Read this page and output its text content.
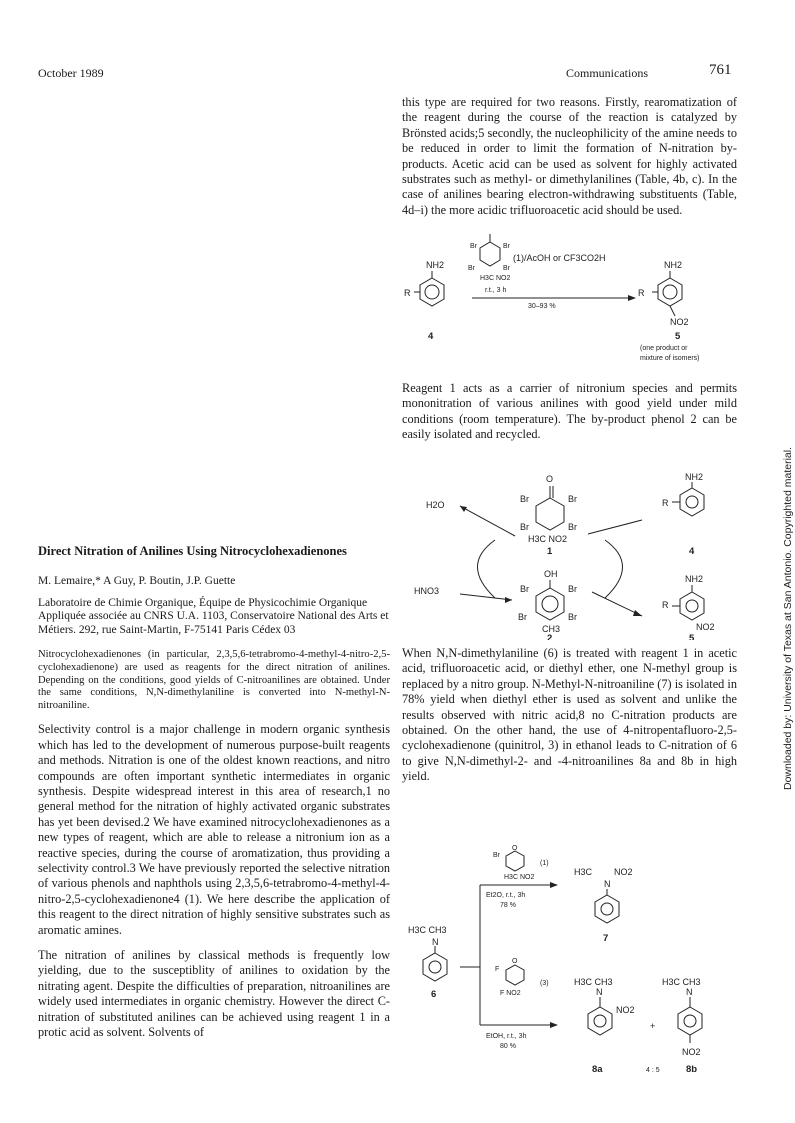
October 1989	Communications	761
Downloaded by: University of Texas at San Antonio. Copyrighted material.

this type are required for two reasons. Firstly, rearomatization of the reagent during the course of the reaction is catalyzed by Brönsted acids;5 secondly, the nucleophilicity of the amine needs to be reduced in order to limit the formation of N-nitration by-products. Acetic acid can be used as solvent for highly activated substrates such as methyl- or dimethylanilines (Table, 4b, c). In the case of anilines bearing electron-withdrawing substituents (Table, 4d–i) the more acidic trifluoroacetic acid should be used.

Br	Br
Br	Br
H3C NO2
(1)/AcOH or CF3CO2H
r.t., 3 h
30–93 %
NH2
R
4
NH2
R
NO2
5
(one product or
mixture of isomers)

Reagent 1 acts as a carrier of nitronium species and permits mononitration of various anilines with good yield under mild conditions (room temperature). The by-product phenol 2 can be easily isolated and recycled.

O
Br	Br
Br	Br
H3C NO2
1
OH
Br	Br
Br	Br
CH3
2
H2O
HNO3
NH2
R
4
NH2
R
NO2
5

Direct Nitration of Anilines Using Nitrocyclohexadienones

M. Lemaire,* A Guy, P. Boutin, J.P. Guette

Laboratoire de Chimie Organique, Équipe de Physicochimie Organique Appliquée associée au CNRS U.A. 1103, Conservatoire National des Arts et Métiers. 292, rue Saint-Martin, F-75141 Paris Cédex 03

Nitrocyclohexadienones (in particular, 2,3,5,6-tetrabromo-4-methyl-4-nitro-2,5-cyclohexadienone) are used as reagents for the direct nitration of anilines. Depending on the conditions, good yields of C-nitroanilines are obtained. Under the same conditions, N,N-dimethylaniline is converted into N-methyl-N-nitroaniline.

Selectivity control is a major challenge in modern organic synthesis which has led to the development of numerous purpose-built reagents and methods. Nitration is one of the oldest known reactions, and nitro compounds are often important synthetic intermediates in organic synthesis. Despite widespread interest in this area of research,1 no general method for the nitration of highly activated organic substrates has yet been devised.2 We have examined nitrocyclohexadienones as a new types of reagent, which are able to release a nitronium ion as a reactive species, during the course of aromatization, thus providing a selectivity control.3 We have previously reported the selective nitration of various phenols and naphthols using 2,3,5,6-tetrabromo-4-methyl-4-nitro-2,5-cyclohexadienone4 (1). We here describe the application of this reagent to the direct nitration of highly sensitive substrates such as aromatic amines.

The nitration of anilines by classical methods is frequently low yielding, due to the susceptiblity of anilines to oxidation by the nitrating agent. Despite the difficulties of preparation, nitroanilines are widely used intermediates in organic chemistry. However the direct C-nitration of substituted anilines can be achieved using reagent 1 in a protic acid as solvent. Solvents of

When N,N-dimethylaniline (6) is treated with reagent 1 in acetic acid, trifluoroacetic acid, or diethyl ether, one N-methyl group is replaced by a nitro group. N-Methyl-N-nitroaniline (7) is isolated in 78% yield when diethyl ether is used as solvent and unlike the results observed with nitric acid,8 no C-nitration products are obtained. On the other hand, the use of 4-nitropentafluoro-2,5-cyclohexadienone (quinitrol, 3) in ethanol leads to C-nitration of 6 to give N,N-dimethyl-2- and -4-nitroanilines 8a and 8b in high yield.

H3C CH3
N
6
O
Br
H3C NO2
(1)
Et2O, r.t., 3h
78 %
H3C NO2
N
7
O
F
F NO2
(3)
EtOH, r.t., 3h
80 %
H3C CH3
N
NO2
8a
+
4 : 5
H3C CH3
N
NO2
8b
